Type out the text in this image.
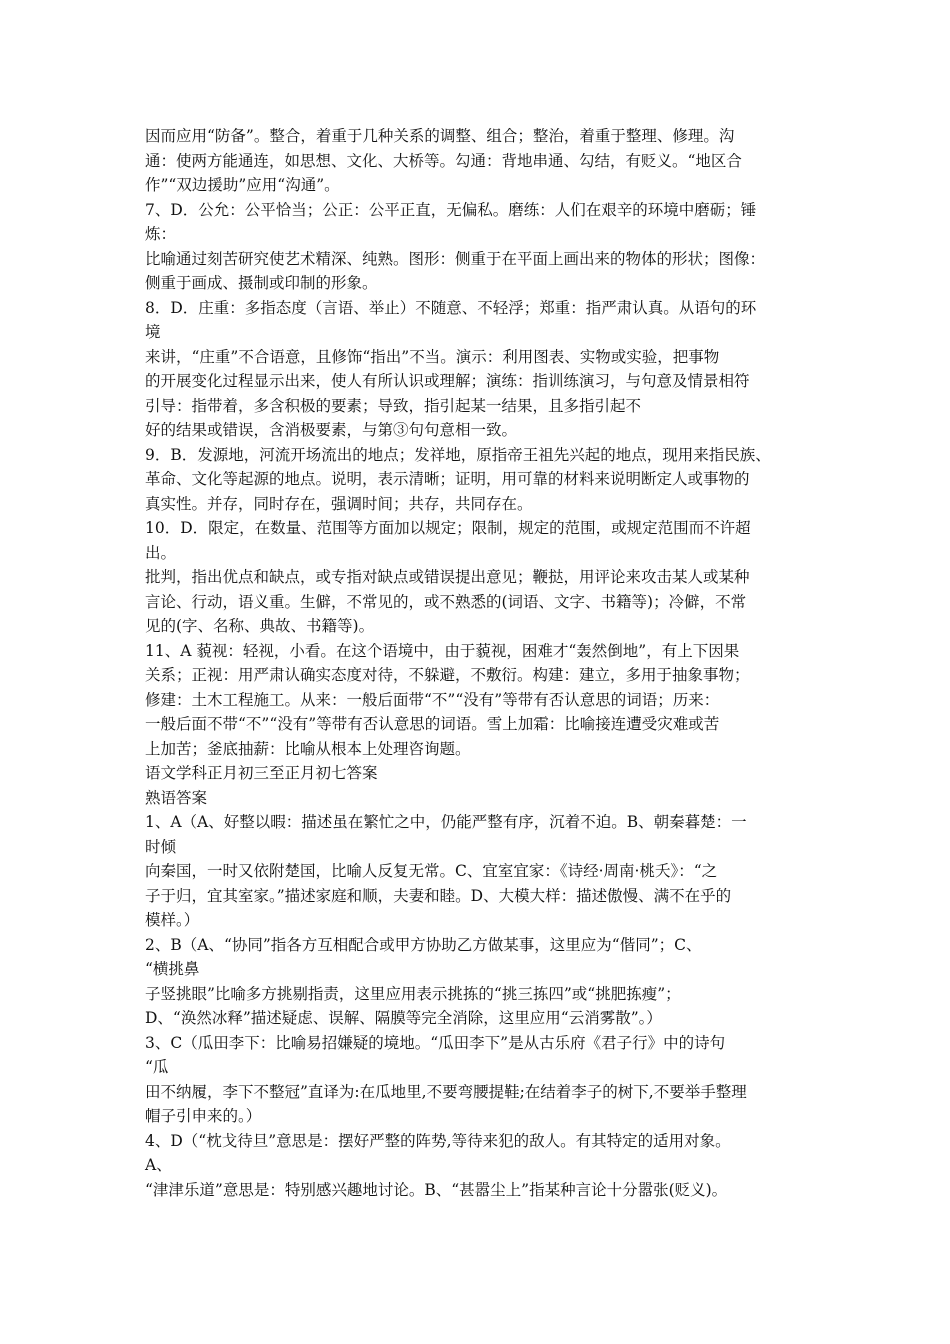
因而应用“防备”。整合，着重于几种关系的调整、组合；整治，着重于整理、修理。沟
通：使两方能通连，如思想、文化、大桥等。勾通：背地串通、勾结，有贬义。“地区合
作”“双边援助”应用“沟通”。
7、D．公允：公平恰当；公正：公平正直，无偏私。磨练：人们在艰辛的环境中磨砺；锤
炼：
比喻通过刻苦研究使艺术精深、纯熟。图形：侧重于在平面上画出来的物体的形状；图像：
侧重于画成、摄制或印制的形象。
8．D．庄重：多指态度（言语、举止）不随意、不轻浮；郑重：指严肃认真。从语句的环
境
来讲，“庄重”不合语意，且修饰“指出”不当。演示：利用图表、实物或实验，把事物
的开展变化过程显示出来，使人有所认识或理解；演练：指训练演习，与句意及情景相符
引导：指带着，多含积极的要素；导致，指引起某一结果，且多指引起不
好的结果或错误，含消极要素，与第③句句意相一致。
9．B．发源地，河流开场流出的地点；发祥地，原指帝王祖先兴起的地点，现用来指民族、
革命、文化等起源的地点。说明，表示清晰；证明，用可靠的材料来说明断定人或事物的
真实性。并存，同时存在，强调时间；共存，共同存在。
10．D．限定，在数量、范围等方面加以规定；限制，规定的范围，或规定范围而不许超
出。
批判，指出优点和缺点，或专指对缺点或错误提出意见；鞭挞，用评论来攻击某人或某种
言论、行动，语义重。生僻，不常见的，或不熟悉的(词语、文字、书籍等)；冷僻，不常
见的(字、名称、典故、书籍等)。
11、A 藐视：轻视，小看。在这个语境中，由于藐视，困难才“轰然倒地”，有上下因果
关系；正视：用严肃认确实态度对待，不躲避，不敷衍。构建：建立，多用于抽象事物；
修建：土木工程施工。从来：一般后面带“不”“没有”等带有否认意思的词语；历来：
一般后面不带“不”“没有”等带有否认意思的词语。雪上加霜：比喻接连遭受灾难或苦
上加苦；釜底抽薪：比喻从根本上处理咨询题。
语文学科正月初三至正月初七答案
熟语答案
1、A（A、好整以暇：描述虽在繁忙之中，仍能严整有序，沉着不迫。B、朝秦暮楚：一
时倾
向秦国，一时又依附楚国，比喻人反复无常。C、宜室宜家：《诗经·周南·桃夭》：“之
子于归，宜其室家。”描述家庭和顺，夫妻和睦。D、大模大样：描述傲慢、满不在乎的
模样。）
2、B（A、“协同”指各方互相配合或甲方协助乙方做某事，这里应为“偕同”；C、
“横挑鼻
子竖挑眼”比喻多方挑剔指责，这里应用表示挑拣的“挑三拣四”或“挑肥拣瘦”；
D、“涣然冰释”描述疑虑、误解、隔膜等完全消除，这里应用“云消雾散”。）
3、C（瓜田李下：比喻易招嫌疑的境地。“瓜田李下”是从古乐府《君子行》中的诗句
“瓜
田不纳履，李下不整冠”直译为:在瓜地里,不要弯腰提鞋;在结着李子的树下,不要举手整理
帽子引申来的。）
4、D（“枕戈待旦”意思是：摆好严整的阵势,等待来犯的敌人。有其特定的适用对象。
A、
“津津乐道”意思是：特别感兴趣地讨论。B、“甚嚣尘上”指某种言论十分嚣张(贬义)。
